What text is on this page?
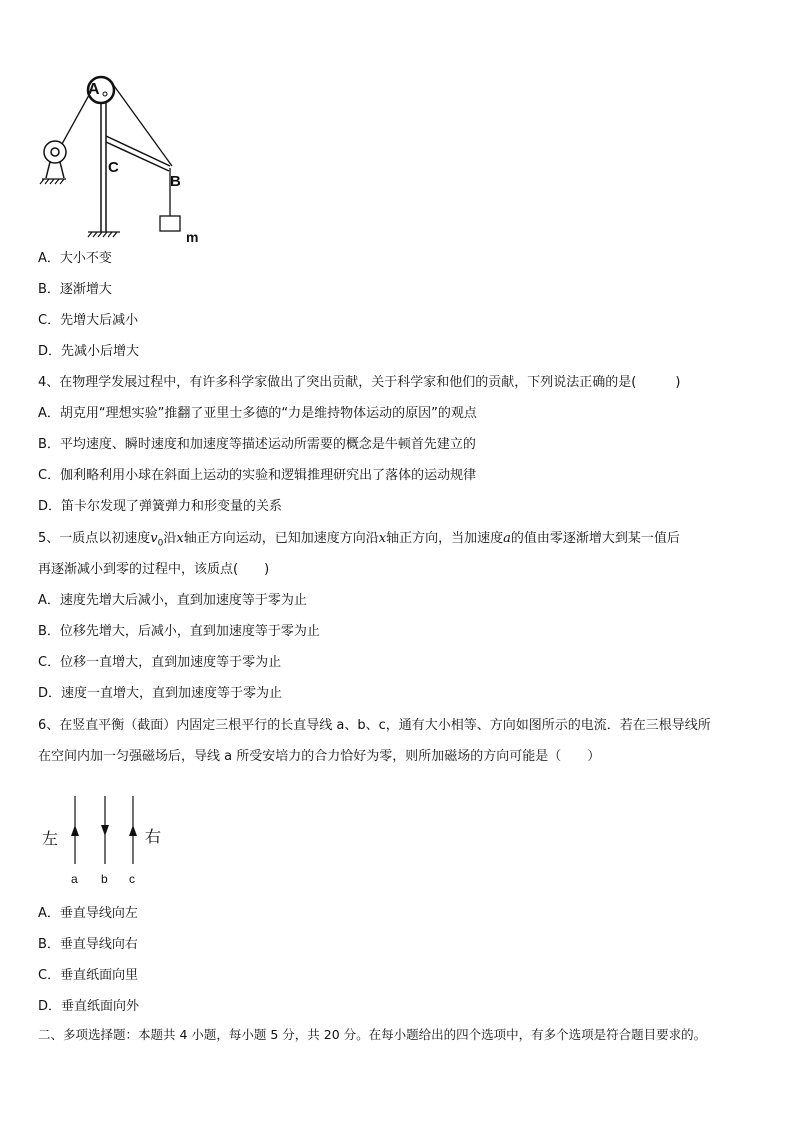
A
C
B
m
A．大小不变
B．逐渐增大
C．先增大后减小
D．先减小后增大
4、在物理学发展过程中，有许多科学家做出了突出贡献，关于科学家和他们的贡献，下列说法正确的是(　　　)
A．胡克用“理想实验”推翻了亚里士多德的“力是维持物体运动的原因”的观点
B．平均速度、瞬时速度和加速度等描述运动所需要的概念是牛顿首先建立的
C．伽利略利用小球在斜面上运动的实验和逻辑推理研究出了落体的运动规律
D．笛卡尔发现了弹簧弹力和形变量的关系
5、一质点以初速度$v_0$沿x轴正方向运动，已知加速度方向沿x轴正方向，当加速度a的值由零逐渐增大到某一值后
再逐渐减小到零的过程中，该质点(　　)
A．速度先增大后减小，直到加速度等于零为止
B．位移先增大，后减小，直到加速度等于零为止
C．位移一直增大，直到加速度等于零为止
D．速度一直增大，直到加速度等于零为止
6、在竖直平衡（截面）内固定三根平行的长直导线 a、b、c，通有大小相等、方向如图所示的电流．若在三根导线所
在空间内加一匀强磁场后，导线 a 所受安培力的合力恰好为零，则所加磁场的方向可能是（　　）
左	右
a b c
A．垂直导线向左
B．垂直导线向右
C．垂直纸面向里
D．垂直纸面向外
二、多项选择题：本题共 4 小题，每小题 5 分，共 20 分。在每小题给出的四个选项中，有多个选项是符合题目要求的。
